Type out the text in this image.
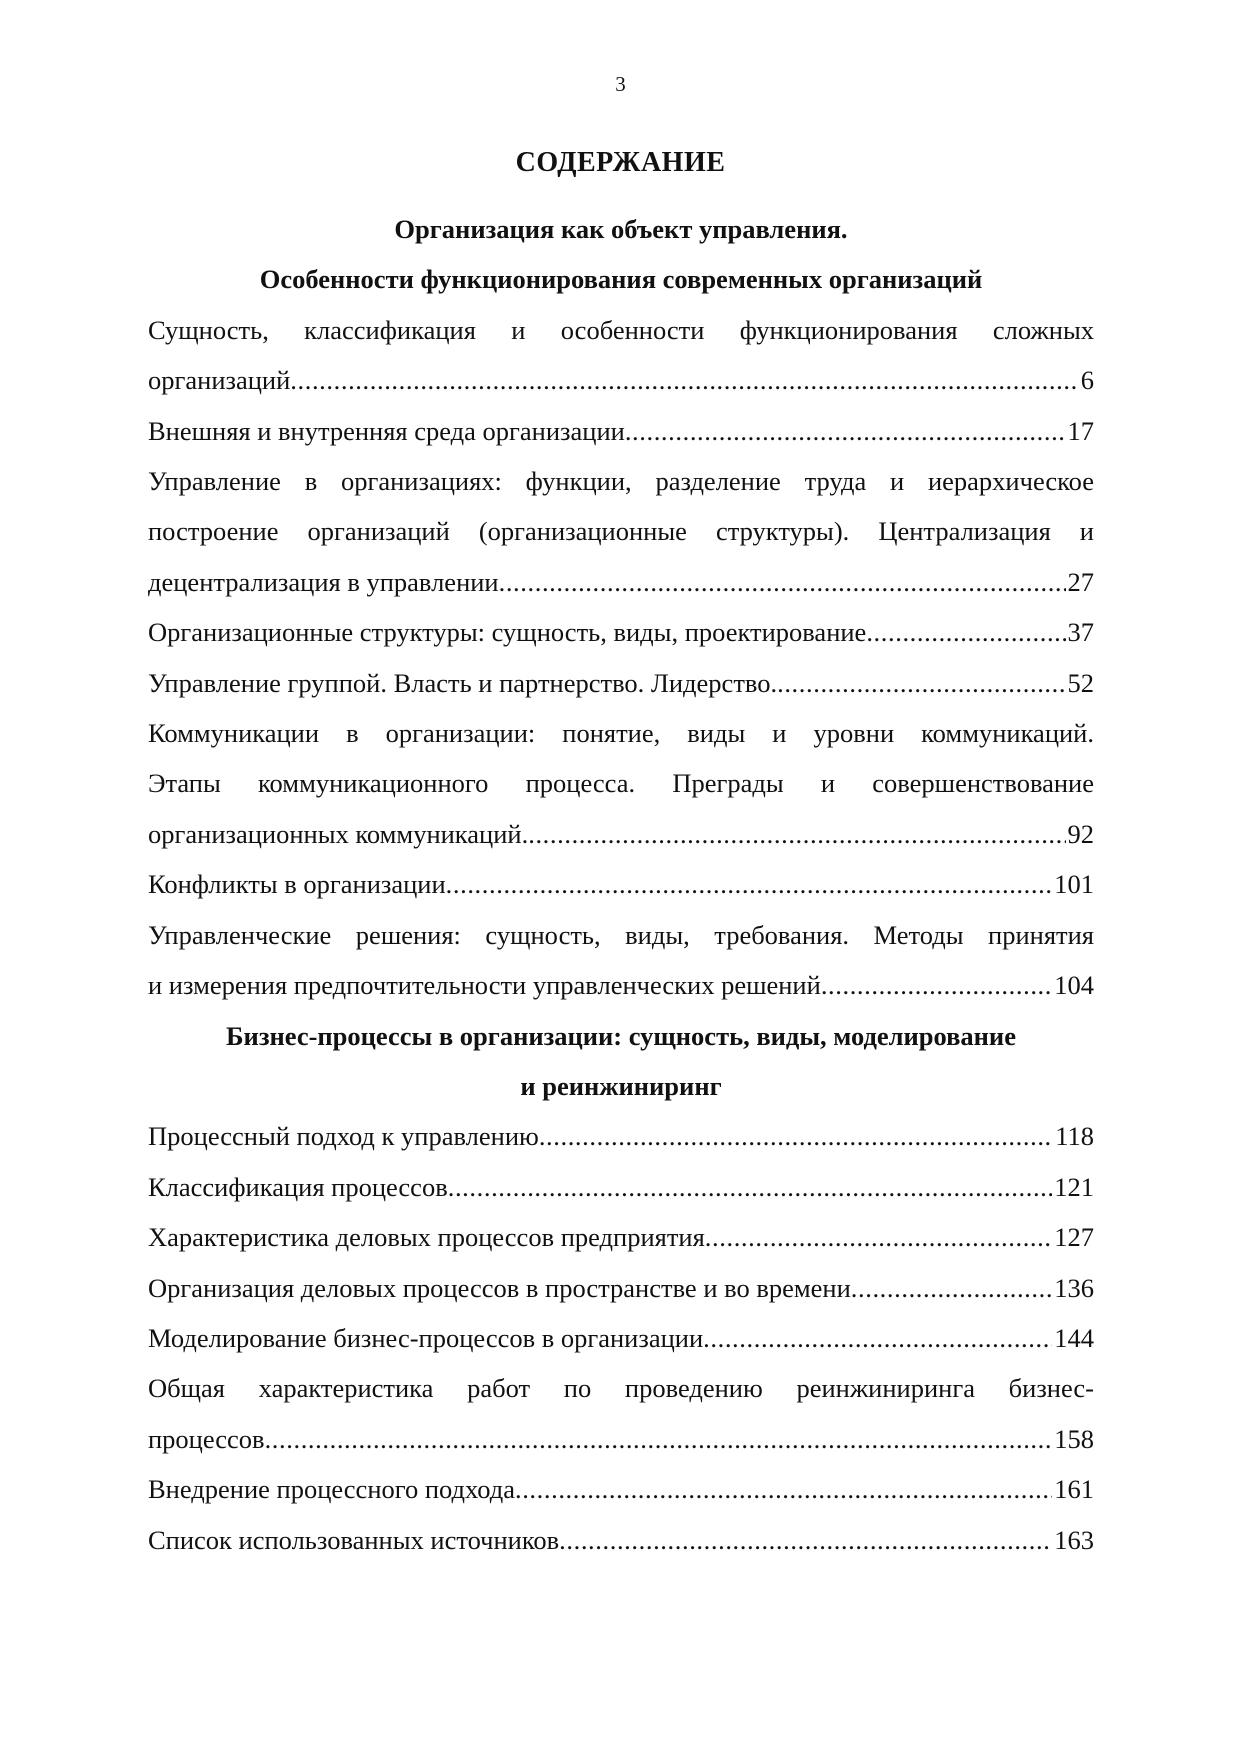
3
СОДЕРЖАНИЕ
Организация как объект управления.
Особенности функционирования современных организаций
Сущность, классификация и особенности функционирования сложных
организаций .....	6
Внешняя и внутренняя среда организации .....	17
Управление в организациях: функции, разделение труда и иерархическое
построение организаций (организационные структуры). Централизация и
децентрализация в управлении .....	27
Организационные структуры: сущность, виды, проектирование .....	37
Управление группой. Власть и партнерство. Лидерство. .....	52
Коммуникации в организации: понятие, виды и уровни коммуникаций.
Этапы коммуникационного процесса. Преграды и совершенствование
организационных коммуникаций. .....	92
Конфликты в организации .....	101
Управленческие решения: сущность, виды, требования. Методы принятия
и измерения предпочтительности управленческих решений .....	104
Бизнес-процессы в организации: сущность, виды, моделирование
и реинжиниринг
Процессный подход к управлению .....	118
Классификация процессов .....	121
Характеристика деловых процессов предприятия .....	127
Организация деловых процессов в пространстве и во времени .....	136
Моделирование бизнес-процессов в организации .....	144
Общая характеристика работ по проведению реинжиниринга бизнес-
процессов .....	158
Внедрение процессного подхода .....	161
Список использованных источников .....	163
